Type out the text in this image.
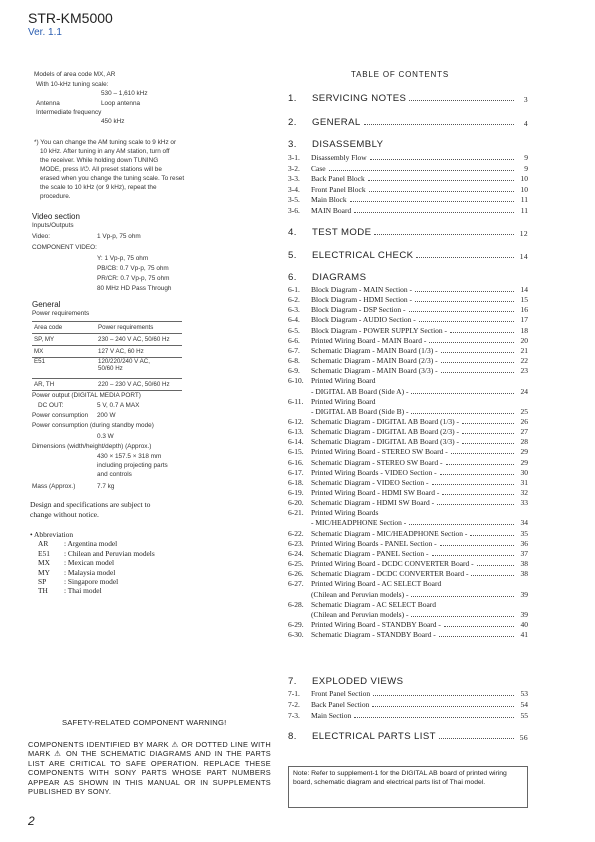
STR-KM5000
Ver. 1.1
Models of area code MX, AR
With 10-kHz tuning scale:
530 – 1,610 kHz
Antenna	Loop antenna
Intermediate frequency
450 kHz
*) You can change the AM tuning scale to 9 kHz or
10 kHz. After tuning in any AM station, turn off
the receiver. While holding down TUNING
MODE, press I/⏻. All preset stations will be
erased when you change the tuning scale. To reset
the scale to 10 kHz (or 9 kHz), repeat the
procedure.
Video section
Inputs/Outputs
Video:	1 Vp-p, 75 ohm
COMPONENT VIDEO:
Y: 1 Vp-p, 75 ohm
PB/CB: 0.7 Vp-p, 75 ohm
PR/CR: 0.7 Vp-p, 75 ohm
80 MHz HD Pass Through
General
Power requirements
Area code	Power requirements
SP, MY	230 – 240 V AC, 50/60 Hz
MX	127 V AC, 60 Hz
E51	120/220/240 V AC,
50/60 Hz
AR, TH	220 – 230 V AC, 50/60 Hz
Power output (DIGITAL MEDIA PORT)
DC OUT:	5 V, 0.7 A MAX
Power consumption 200 W
Power consumption (during standby mode)
0.3 W
Dimensions (width/height/depth) (Approx.)
430 × 157.5 × 318 mm
including projecting parts
and controls
Mass (Approx.)	7.7 kg
Design and specifications are subject to
change without notice.
• Abbreviation
AR : Argentina model
E51 : Chilean and Peruvian models
MX : Mexican model
MY : Malaysia model
SP : Singapore model
TH : Thai model
SAFETY-RELATED COMPONENT WARNING!
COMPONENTS IDENTIFIED BY MARK ⚠ OR DOTTED LINE WITH MARK ⚠ ON THE SCHEMATIC DIAGRAMS AND IN THE PARTS LIST ARE CRITICAL TO SAFE OPERATION. REPLACE THESE COMPONENTS WITH SONY PARTS WHOSE PART NUMBERS APPEAR AS SHOWN IN THIS MANUAL OR IN SUPPLEMENTS PUBLISHED BY SONY.
2
TABLE OF CONTENTS
1. SERVICING NOTES	3
2. GENERAL	4
3. DISASSEMBLY
3-1. Disassembly Flow	9
3-2. Case	9
3-3. Back Panel Block	10
3-4. Front Panel Block	10
3-5. Main Block	11
3-6. MAIN Board	11
4. TEST MODE	12
5. ELECTRICAL CHECK	14
6. DIAGRAMS
6-1. Block Diagram - MAIN Section -	14
6-2. Block Diagram - HDMI Section -	15
6-3. Block Diagram - DSP Section -	16
6-4. Block Diagram - AUDIO Section -	17
6-5. Block Diagram - POWER SUPPLY Section -	18
6-6. Printed Wiring Board - MAIN Board -	20
6-7. Schematic Diagram - MAIN Board (1/3) -	21
6-8. Schematic Diagram - MAIN Board (2/3) -	22
6-9. Schematic Diagram - MAIN Board (3/3) -	23
6-10. Printed Wiring Board
- DIGITAL AB Board (Side A) -	24
6-11. Printed Wiring Board
- DIGITAL AB Board (Side B) -	25
6-12. Schematic Diagram - DIGITAL AB Board (1/3) -	26
6-13. Schematic Diagram - DIGITAL AB Board (2/3) -	27
6-14. Schematic Diagram - DIGITAL AB Board (3/3) -	28
6-15. Printed Wiring Board - STEREO SW Board -	29
6-16. Schematic Diagram - STEREO SW Board -	29
6-17. Printed Wiring Boards - VIDEO Section -	30
6-18. Schematic Diagram - VIDEO Section -	31
6-19. Printed Wiring Board - HDMI SW Board -	32
6-20. Schematic Diagram - HDMI SW Board -	33
6-21. Printed Wiring Boards
- MIC/HEADPHONE Section -	34
6-22. Schematic Diagram - MIC/HEADPHONE Section -	35
6-23. Printed Wiring Boards - PANEL Section -	36
6-24. Schematic Diagram - PANEL Section -	37
6-25. Printed Wiring Board - DCDC CONVERTER Board -	38
6-26. Schematic Diagram - DCDC CONVERTER Board -	38
6-27. Printed Wiring Board - AC SELECT Board
(Chilean and Peruvian models) -	39
6-28. Schematic Diagram - AC SELECT Board
(Chilean and Peruvian models) -	39
6-29. Printed Wiring Board - STANDBY Board -	40
6-30. Schematic Diagram - STANDBY Board -	41
7. EXPLODED VIEWS
7-1. Front Panel Section	53
7-2. Back Panel Section	54
7-3. Main Section	55
8. ELECTRICAL PARTS LIST	56
Note: Refer to supplement-1 for the DIGITAL AB board of printed wiring board, schematic diagram and electrical parts list of Thai model.
